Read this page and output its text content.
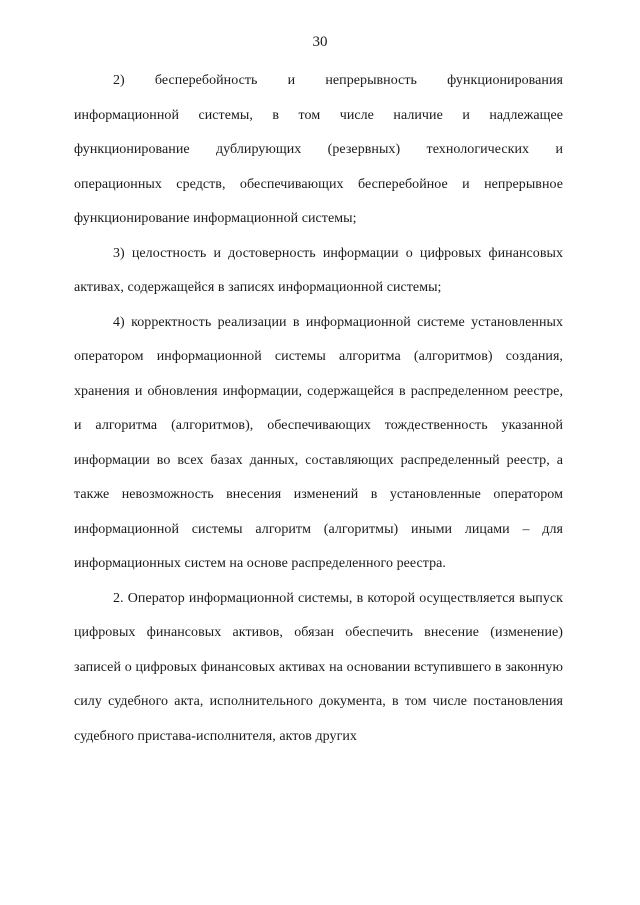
30

2) бесперебойность и непрерывность функционирования информационной системы, в том числе наличие и надлежащее функционирование дублирующих (резервных) технологических и операционных средств, обеспечивающих бесперебойное и непрерывное функционирование информационной системы;

3) целостность и достоверность информации о цифровых финансовых активах, содержащейся в записях информационной системы;

4) корректность реализации в информационной системе установленных оператором информационной системы алгоритма (алгоритмов) создания, хранения и обновления информации, содержащейся в распределенном реестре, и алгоритма (алгоритмов), обеспечивающих тождественность указанной информации во всех базах данных, составляющих распределенный реестр, а также невозможность внесения изменений в установленные оператором информационной системы алгоритм (алгоритмы) иными лицами – для информационных систем на основе распределенного реестра.

2. Оператор информационной системы, в которой осуществляется выпуск цифровых финансовых активов, обязан обеспечить внесение (изменение) записей о цифровых финансовых активах на основании вступившего в законную силу судебного акта, исполнительного документа, в том числе постановления судебного пристава-исполнителя, актов других
